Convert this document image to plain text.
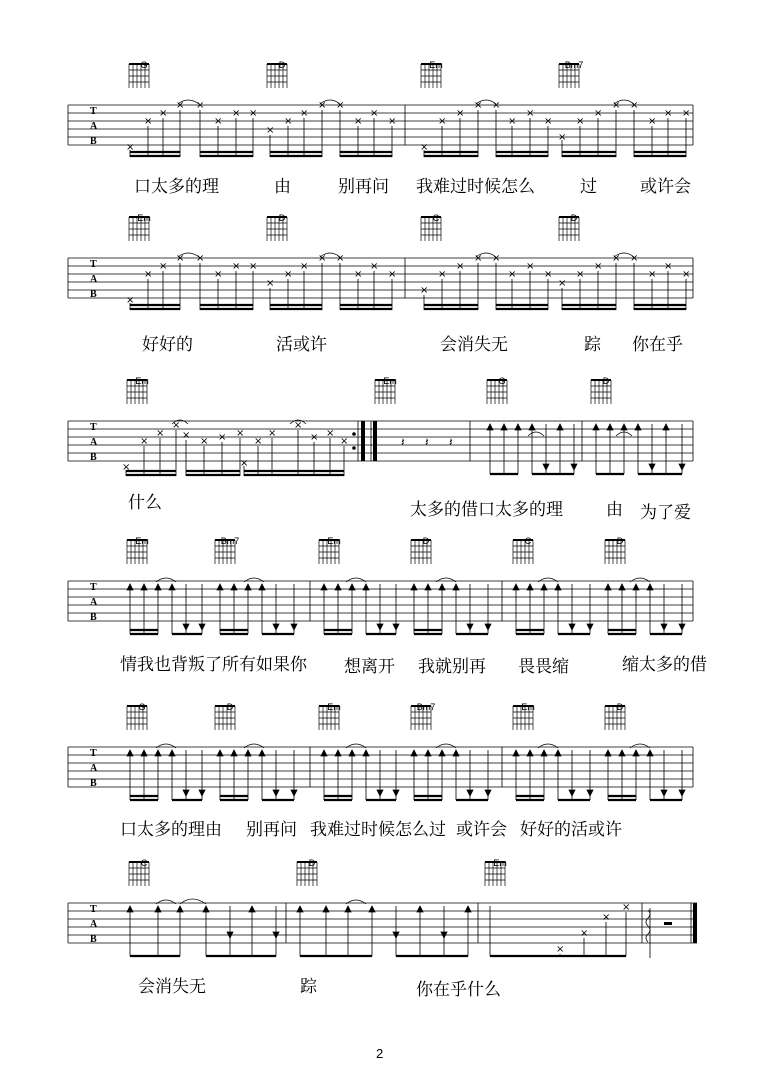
T
A
B
×
×
×
× ×
×
× ×
×
×
×
× ×
×
×
×
×
×
×
× ×
×
×
×
×
×
×
× ×
×
× ×
G	D	Em	Bm7
口太多的理	由	别再问 我难过时候怎么	过	或许会
T
A
B
×
×
×
× ×
×
× ×
×
×
×
× ×
×
×
×
×
×
×
× ×
×
×
×
×
×
×
× ×
×
×
×
Em	D	C	D
好好的	活或许	会消失无	踪 你在乎
T
A
B
×
×
×
×
×
× × ×
×
×
×
×
× ×
×	𝄽 𝄽 𝄽
Em	Em	G	D
什么	太多的借口太多的理	由 为了爱
T
A
B
Em	Bm7	Em	D	C	D
情我也背叛了所有如果你 想离开 我就别再 畏畏缩	缩太多的借
T
A
B
G	D	Em	Bm7	Em	D
口太多的理由 别再问 我难过时候怎么过 或许会 好好的活或许
T
A
B
×
×
×
×
C	D	Em
会消失无	踪	你在乎什么
2
